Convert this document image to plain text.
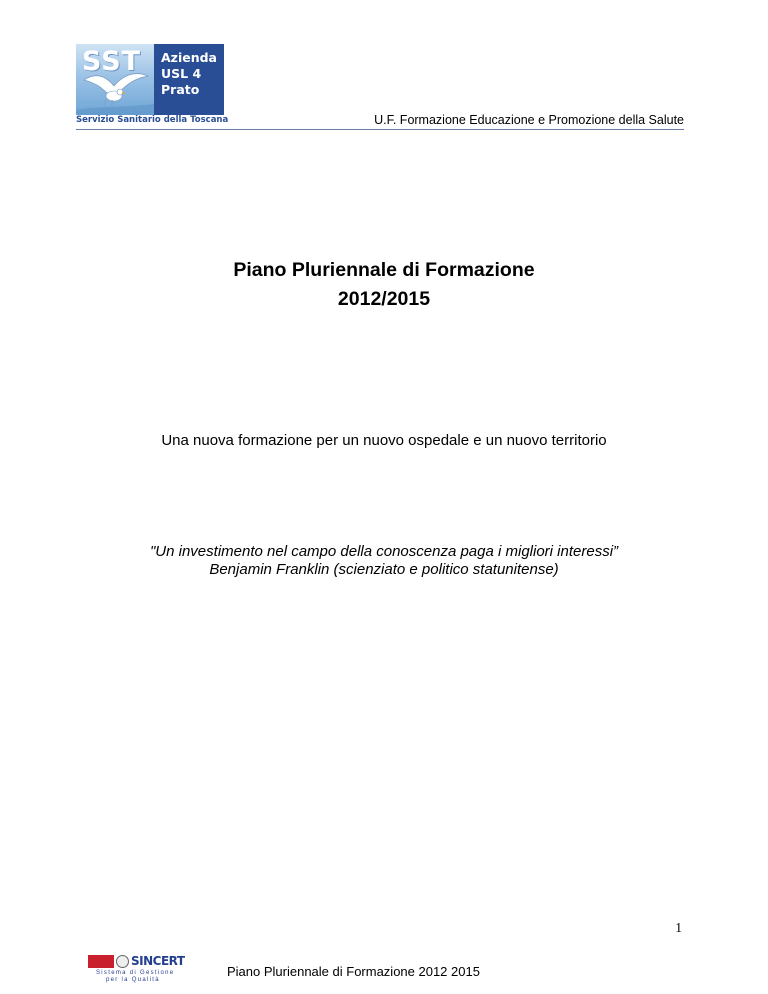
SST Azienda
USL 4
Prato
Servizio Sanitario della Toscana	U.F. Formazione Educazione e Promozione della Salute
Piano Pluriennale di Formazione
2012/2015
Una nuova formazione per un nuovo ospedale e un nuovo territorio
"Un investimento nel campo della conoscenza paga i migliori interessi”
Benjamin Franklin (scienziato e politico statunitense)
1
SINCERT
Sistema di Gestione
per la Qualità
Piano Pluriennale di Formazione 2012 2015
